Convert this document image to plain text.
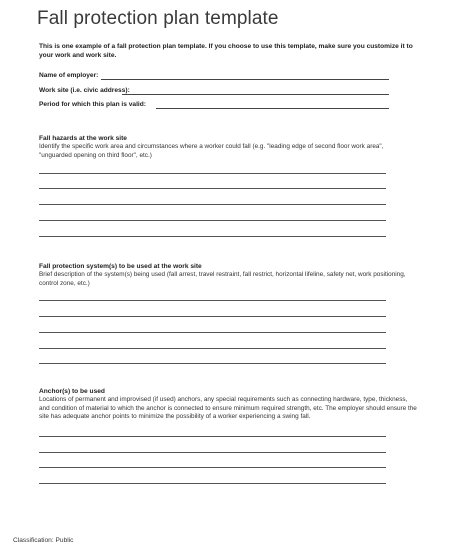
Fall protection plan template
This is one example of a fall protection plan template. If you choose to use this template, make sure you customize it to your work and work site.
Name of employer:
Work site (i.e. civic address):
Period for which this plan is valid:
Fall hazards at the work site
Identify the specific work area and circumstances where a worker could fall (e.g. "leading edge of second floor work area", "unguarded opening on third floor", etc.)
Fall protection system(s) to be used at the work site
Brief description of the system(s) being used (fall arrest, travel restraint, fall restrict, horizontal lifeline, safety net, work positioning, control zone, etc.)
Anchor(s) to be used
Locations of permanent and improvised (if used) anchors, any special requirements such as connecting hardware, type, thickness, and condition of material to which the anchor is connected to ensure minimum required strength, etc. The employer should ensure the site has adequate anchor points to minimize the possibility of a worker experiencing a swing fall.
Classification: Public
